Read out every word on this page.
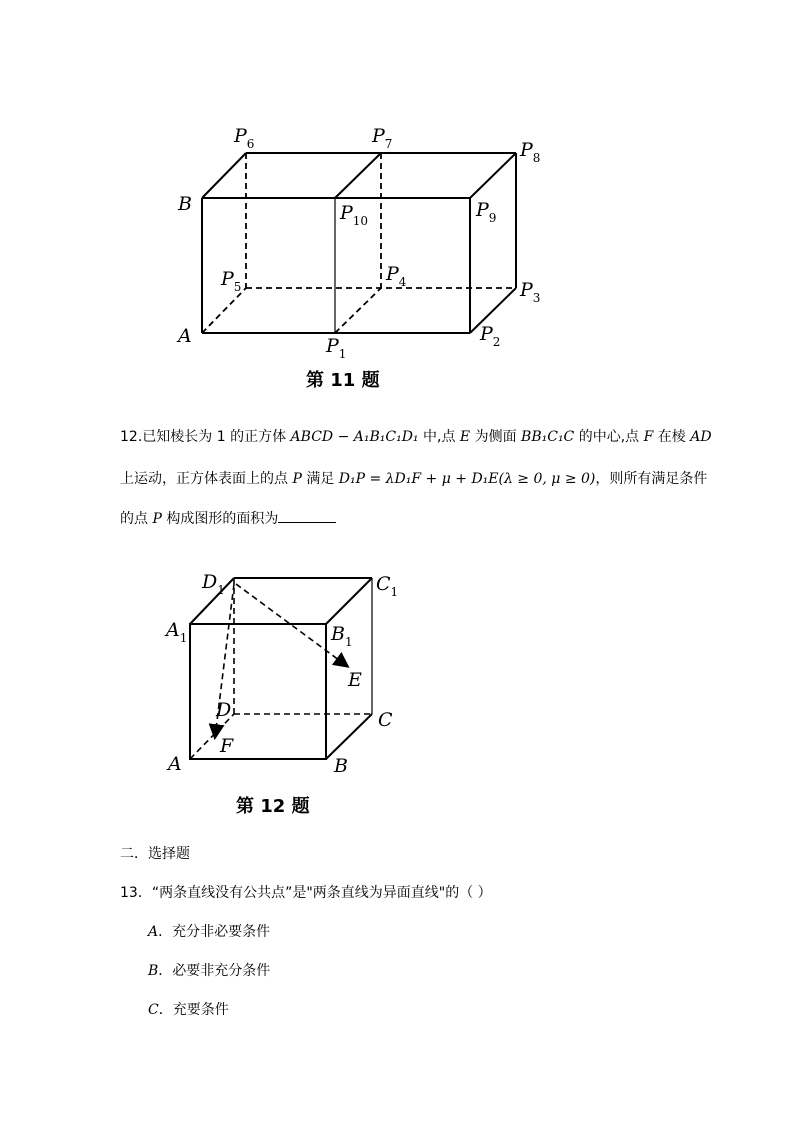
$P_6$	$P_7$	$P_8$
B	$P_{10}$	$P_9$
$P_5$
$P_4$	$P_3$
A	$P_1$
$P_2$
第 11 题
12.已知棱长为 1 的正方体 ABCD − A₁B₁C₁D₁ 中,点 E 为侧面 BB₁C₁C 的中心,点 F 在棱 AD
上运动，正方体表面上的点 P 满足 D₁P = λD₁F + μ + D₁E(λ ≥ 0, μ ≥ 0)，则所有满足条件
的点 P 构成图形的面积为
$D_1$	$C_1$
$A_1$	$B_1$
E
D	C
F
A	B
第 12 题
二．选择题
13．“两条直线没有公共点”是"两条直线为异面直线"的（ ）
A．充分非必要条件
B．必要非充分条件
C．充要条件
